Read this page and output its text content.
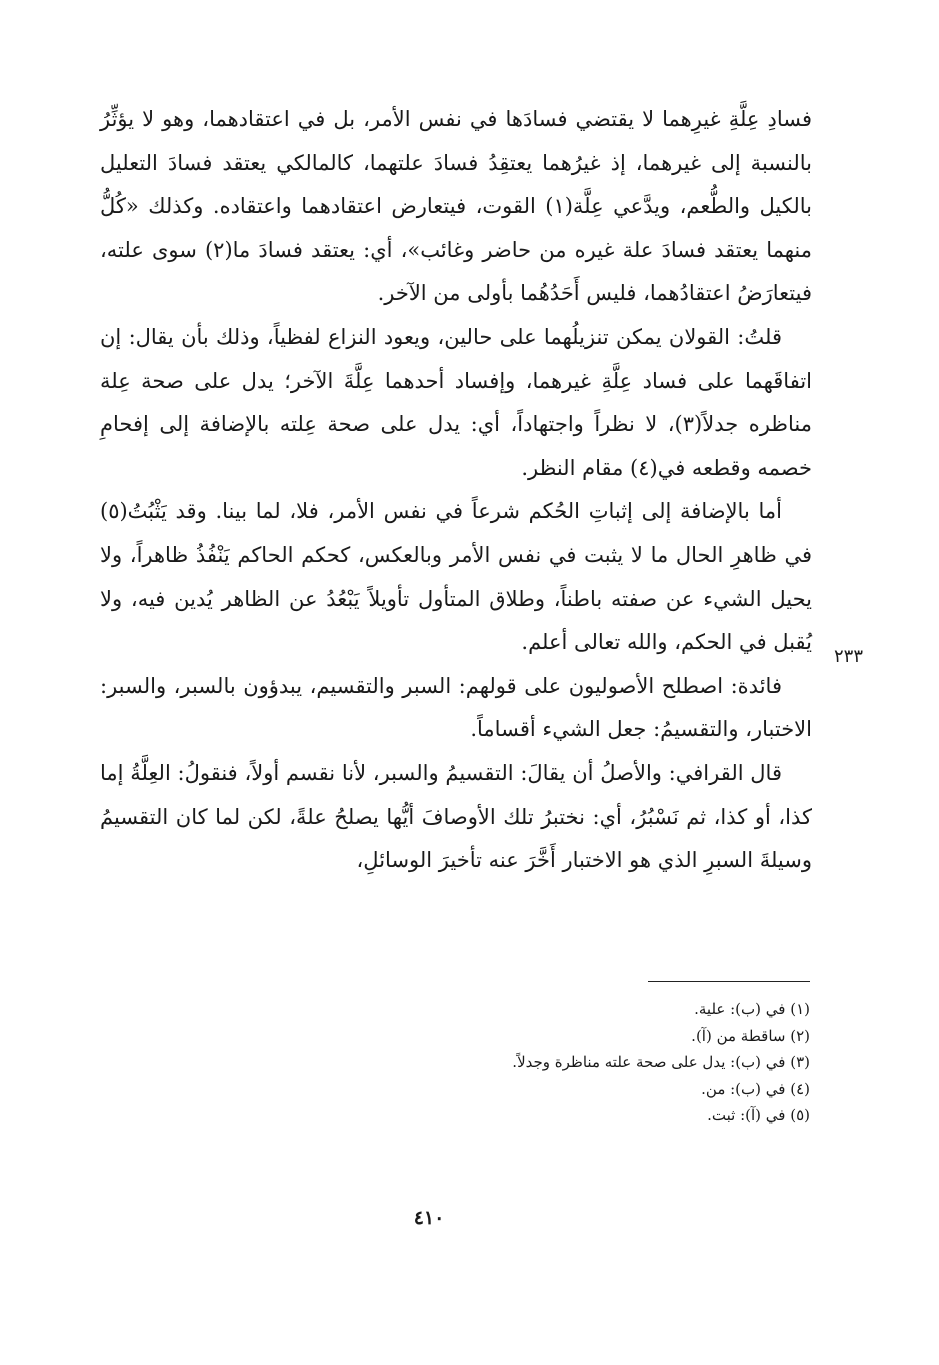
فسادِ عِلَّةِ غيرِهما لا يقتضي فسادَها في نفس الأمر، بل في اعتقادهما، وهو لا يؤثِّرُ بالنسبة إلى غيرهما، إذ غيرُهما يعتقِدُ فسادَ علتهما، كالمالكي يعتقد فسادَ التعليل بالكيل والطُّعم، ويدَّعي عِلَّة(١) القوت، فيتعارض اعتقادهما واعتقاده. وكذلك «كُلُّ منهما يعتقد فسادَ علة غيره من حاضر وغائب»، أي: يعتقد فسادَ ما(٢) سوى علته، فيتعارَضُ اعتقادُهما، فليس أَحَدُهُما بأولى من الآخر.

قلتُ: القولان يمكن تنزيلُهما على حالين، ويعود النزاع لفظياً، وذلك بأن يقال: إن اتفاقَهما على فساد عِلَّةِ غيرهما، وإفساد أحدهما عِلَّةَ الآخر؛ يدل على صحة عِلة مناظره جدلاً(٣)، لا نظراً واجتهاداً، أي: يدل على صحة عِلته بالإضافة إلى إفحامِ خصمه وقطعه في(٤) مقام النظر.

أما بالإضافة إلى إثباتِ الحُكم شرعاً في نفس الأمر، فلا، لما بينا. وقد يَثْبُتُ(٥) في ظاهرِ الحال ما لا يثبت في نفس الأمر وبالعكس، كحكم الحاكم يَنْفُذُ ظاهراً، ولا يحيل الشيء عن صفته باطناً، وطلاق المتأول تأويلاً يَبْعُدُ عن الظاهر يُدين فيه، ولا يُقبل في الحكم، والله تعالى أعلم.

فائدة: اصطلح الأصوليون على قولهم: السبر والتقسيم، يبدؤون بالسبر، والسبر: الاختبار، والتقسيمُ: جعل الشيء أقساماً.

قال القرافي: والأصلُ أن يقالَ: التقسيمُ والسبر، لأنا نقسم أولاً، فنقولُ: العِلَّةُ إما كذا، أو كذا، ثم نَسْبُرُ، أي: نختبرُ تلك الأوصافَ أيُّها يصلحُ علةً، لكن لما كان التقسيمُ وسيلةَ السبرِ الذي هو الاختبار أَخَّرَ عنه تأخيرَ الوسائلِ،

٢٣٣

(١) في (ب): علية.

(٢) ساقطة من (آ).

(٣) في (ب): يدل على صحة علته مناظرة وجدلاً.

(٤) في (ب): من.

(٥) في (آ): ثبت.

٤١٠
